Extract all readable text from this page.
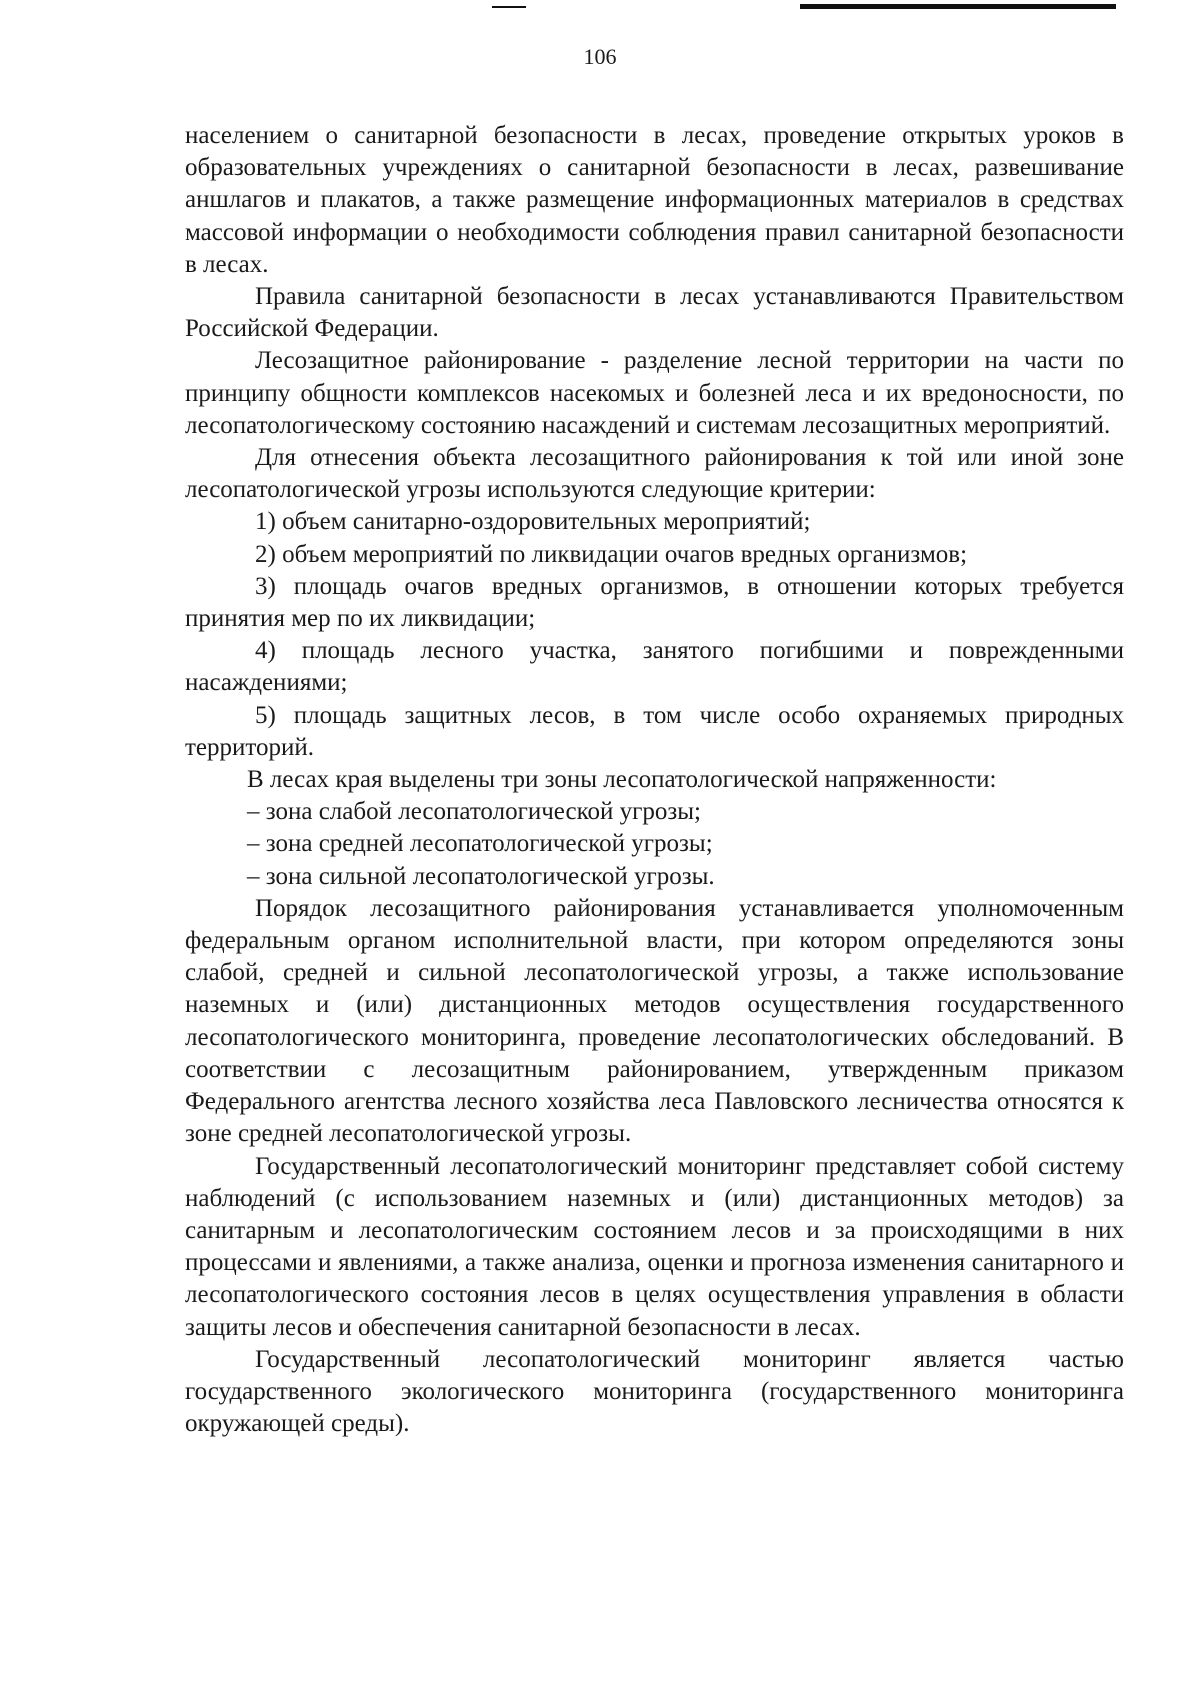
106

населением о санитарной безопасности в лесах, проведение открытых уроков в образовательных учреждениях о санитарной безопасности в лесах, развешивание аншлагов и плакатов, а также размещение информационных материалов в средствах массовой информации о необходимости соблюдения правил санитарной безопасности в лесах.

Правила санитарной безопасности в лесах устанавливаются Правительством Российской Федерации.

Лесозащитное районирование - разделение лесной территории на части по принципу общности комплексов насекомых и болезней леса и их вредоносности, по лесопатологическому состоянию насаждений и системам лесозащитных мероприятий.

Для отнесения объекта лесозащитного районирования к той или иной зоне лесопатологической угрозы используются следующие критерии:

1) объем санитарно-оздоровительных мероприятий;

2) объем мероприятий по ликвидации очагов вредных организмов;

3) площадь очагов вредных организмов, в отношении которых требуется принятия мер по их ликвидации;

4) площадь лесного участка, занятого погибшими и поврежденными насаждениями;

5) площадь защитных лесов, в том числе особо охраняемых природных территорий.

В лесах края выделены три зоны лесопатологической напряженности:

– зона слабой лесопатологической угрозы;

– зона средней лесопатологической угрозы;

– зона сильной лесопатологической угрозы.

Порядок лесозащитного районирования устанавливается уполномоченным федеральным органом исполнительной власти, при котором определяются зоны слабой, средней и сильной лесопатологической угрозы, а также использование наземных и (или) дистанционных методов осуществления государственного лесопатологического мониторинга, проведение лесопатологических обследований. В соответствии с лесозащитным районированием, утвержденным приказом Федерального агентства лесного хозяйства леса Павловского лесничества относятся к зоне средней лесопатологической угрозы.

Государственный лесопатологический мониторинг представляет собой систему наблюдений (с использованием наземных и (или) дистанционных методов) за санитарным и лесопатологическим состоянием лесов и за происходящими в них процессами и явлениями, а также анализа, оценки и прогноза изменения санитарного и лесопатологического состояния лесов в целях осуществления управления в области защиты лесов и обеспечения санитарной безопасности в лесах.

Государственный лесопатологический мониторинг является частью государственного экологического мониторинга (государственного мониторинга окружающей среды).
